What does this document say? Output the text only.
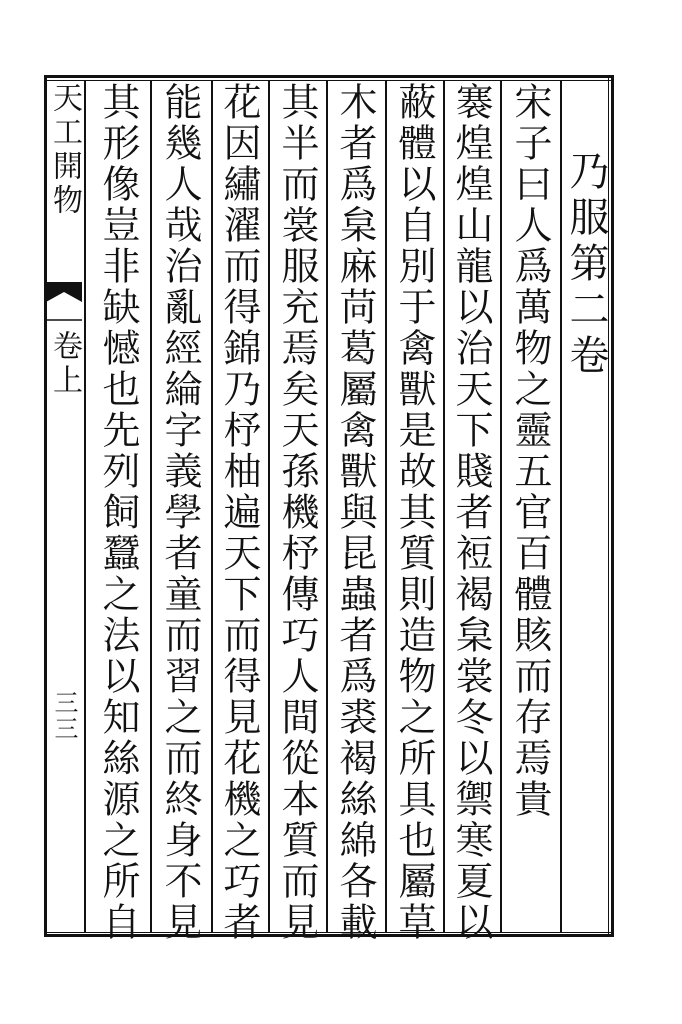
乃服第二卷
宋子曰人爲萬物之靈五官百體賅而存焉貴
褰煌煌山龍以治天下賤者裋褐枲裳冬以禦寒夏以
蔽體以自別于禽獸是故其質則造物之所具也屬草
木者爲枲麻苘葛屬禽獸與昆蟲者爲裘褐絲綿各載
其半而裳服充焉矣天孫機杼傳巧人間從本質而見
花因繡濯而得錦乃杼柚遍天下而得見花機之巧者
能幾人哉治亂經綸字義學者童而習之而終身不見
其形像豈非缺憾也先列飼蠶之法以知絲源之所自
天工開物
卷上
三三
